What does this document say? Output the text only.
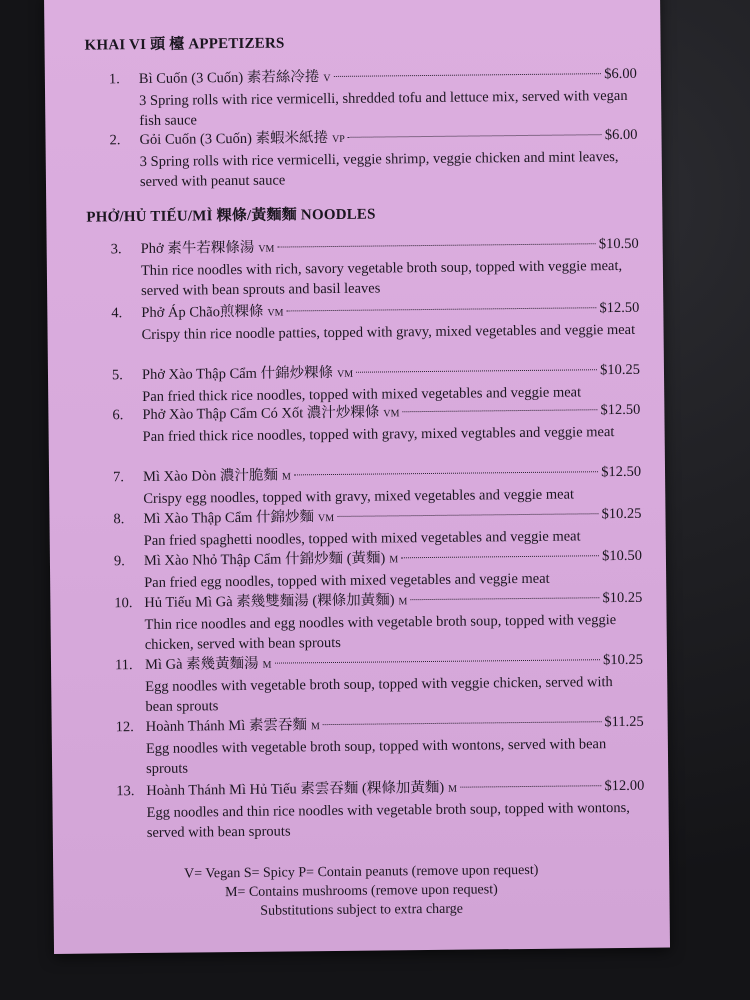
KHAI VI 頭 檯 APPETIZERS
1.	Bì Cuốn (3 Cuốn) 素若絲冷捲 V	$6.00
3 Spring rolls with rice vermicelli, shredded tofu and lettuce mix, served with vegan fish sauce
2.	Gỏi Cuốn (3 Cuốn) 素蝦米紙捲 VP	$6.00
3 Spring rolls with rice vermicelli, veggie shrimp, veggie chicken and mint leaves, served with peanut sauce
PHỞ/HỦ TIẾU/MÌ 粿條/黃麵麵 NOODLES
3.	Phở 素牛若粿條湯 VM	$10.50
Thin rice noodles with rich, savory vegetable broth soup, topped with veggie meat, served with bean sprouts and basil leaves
4.	Phở Áp Chão煎粿條 VM	$12.50
Crispy thin rice noodle patties, topped with gravy, mixed vegetables and veggie meat
5.	Phở Xào Thập Cẩm 什錦炒粿條 VM	$10.25
Pan fried thick rice noodles, topped with mixed vegetables and veggie meat
6.	Phở Xào Thập Cẩm Có Xốt 濃汁炒粿條 VM	$12.50
Pan fried thick rice noodles, topped with gravy, mixed vegtables and veggie meat
7.	Mì Xào Dòn 濃汁脆麵 M	$12.50
Crispy egg noodles, topped with gravy, mixed vegetables and veggie meat
8.	Mì Xào Thập Cẩm 什錦炒麵 VM	$10.25
Pan fried spaghetti noodles, topped with mixed vegetables and veggie meat
9.	Mì Xào Nhỏ Thập Cẩm 什錦炒麵 (黃麵) M	$10.50
Pan fried egg noodles, topped with mixed vegetables and veggie meat
10. Hủ Tiếu Mì Gà 素幾雙麵湯 (粿條加黃麵) M	$10.25
Thin rice noodles and egg noodles with vegetable broth soup, topped with veggie chicken, served with bean sprouts
11. Mì Gà 素幾黃麵湯 M	$10.25
Egg noodles with vegetable broth soup, topped with veggie chicken, served with bean sprouts
12. Hoành Thánh Mì 素雲吞麵 M	$11.25
Egg noodles with vegetable broth soup, topped with wontons, served with bean sprouts
13. Hoành Thánh Mì Hủ Tiếu 素雲吞麵 (粿條加黃麵) M	$12.00
Egg noodles and thin rice noodles with vegetable broth soup, topped with wontons, served with bean sprouts
V= Vegan S= Spicy P= Contain peanuts (remove upon request)
M= Contains mushrooms (remove upon request)
Substitutions subject to extra charge
